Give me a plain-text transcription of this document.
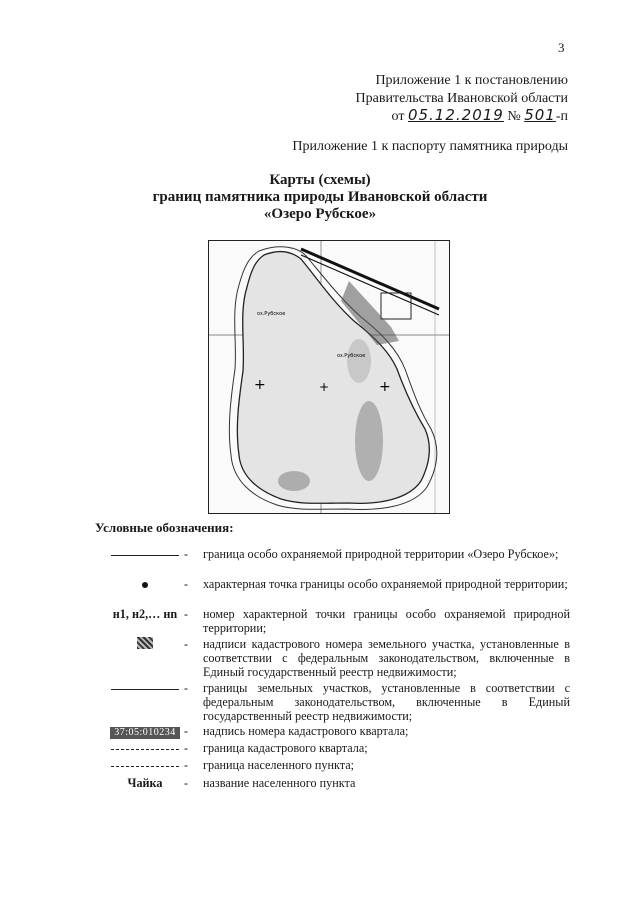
3
Приложение 1 к постановлению
Правительства Ивановской области
от 05.12.2019 № 501-п
Приложение 1 к паспорту памятника природы
Карты (схемы)
границ памятника природы Ивановской области
«Озеро Рубское»
+	+
+
оз.Рубское
оз.Рубское
Условные обозначения:
-	граница особо охраняемой природной территории «Озеро Рубское»;
-	характерная точка границы особо охраняемой природной территории;
н1, н2,… нn -	номер характерной точки границы особо охраняемой природной территории;
-	надписи кадастрового номера земельного участка, установленные в соответствии с федеральным законодательством, включенные в Единый государственный реестр недвижимости;
-	границы земельных участков, установленные в соответствии с федеральным законодательством, включенные в Единый государственный реестр недвижимости;
37:05:010234 -	надпись номера кадастрового квартала;
-	граница кадастрового квартала;
-	граница населенного пункта;
Чайка	-	название населенного пункта
